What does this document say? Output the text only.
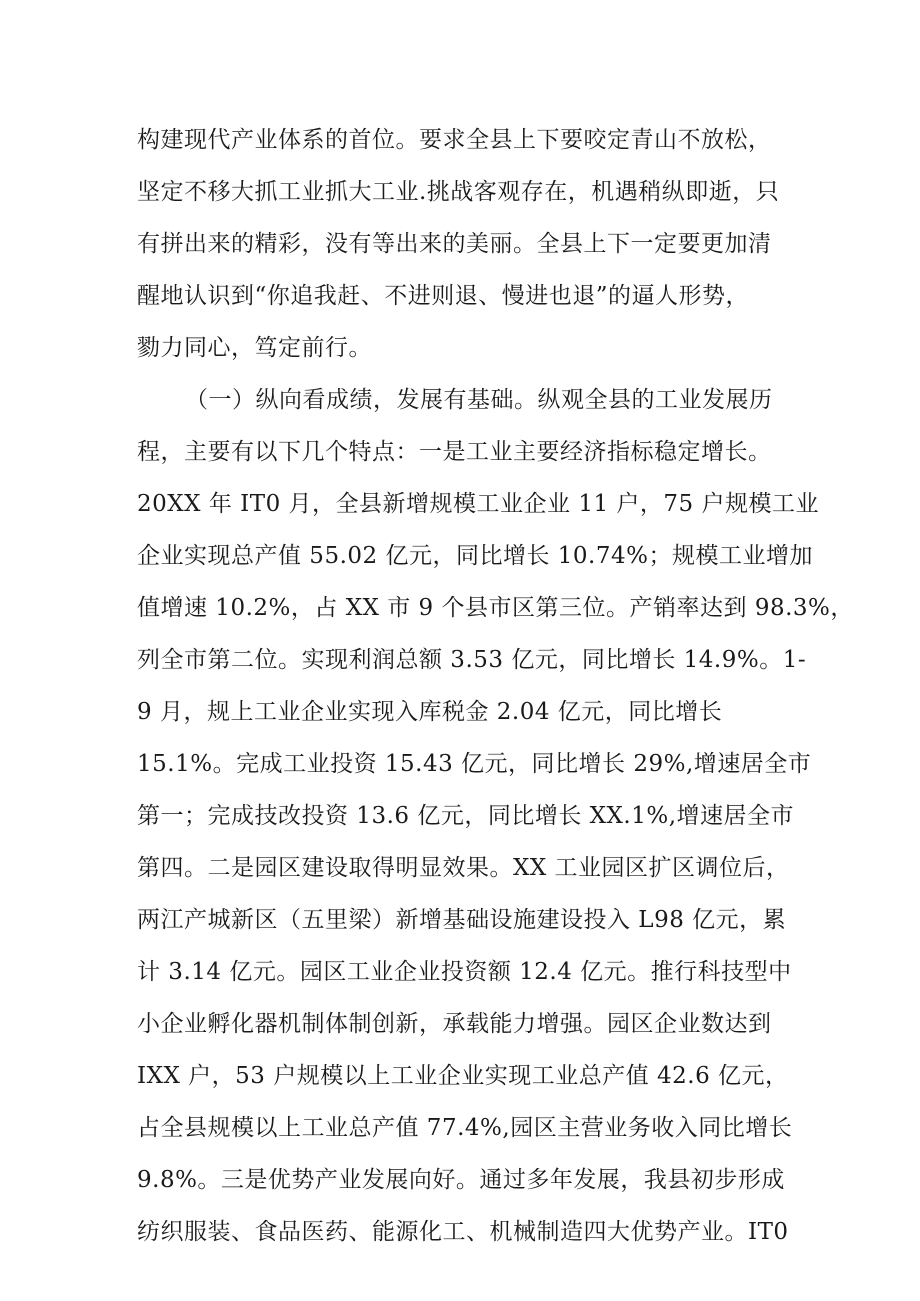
构建现代产业体系的首位。要求全县上下要咬定青山不放松，

坚定不移大抓工业抓大工业.挑战客观存在，机遇稍纵即逝，只

有拼出来的精彩，没有等出来的美丽。全县上下一定要更加清

醒地认识到“你追我赶、不进则退、慢进也退”的逼人形势，

勠力同心，笃定前行。

（一）纵向看成绩，发展有基础。纵观全县的工业发展历

程，主要有以下几个特点：一是工业主要经济指标稳定增长。

20XX 年 IT0 月，全县新增规模工业企业 11 户，75 户规模工业

企业实现总产值 55.02 亿元，同比增长 10.74%；规模工业增加

值增速 10.2%，占 XX 市 9 个县市区第三位。产销率达到 98.3%，

列全市第二位。实现利润总额 3.53 亿元，同比增长 14.9%。1-

9 月，规上工业企业实现入库税金 2.04 亿元，同比增长

15.1%。完成工业投资 15.43 亿元，同比增长 29%,增速居全市

第一；完成技改投资 13.6 亿元，同比增长 XX.1%,增速居全市

第四。二是园区建设取得明显效果。XX 工业园区扩区调位后，

两江产城新区（五里梁）新增基础设施建设投入 L98 亿元，累

计 3.14 亿元。园区工业企业投资额 12.4 亿元。推行科技型中

小企业孵化器机制体制创新，承载能力增强。园区企业数达到

IXX 户，53 户规模以上工业企业实现工业总产值 42.6 亿元，

占全县规模以上工业总产值 77.4%,园区主营业务收入同比增长

9.8%。三是优势产业发展向好。通过多年发展，我县初步形成

纺织服装、食品医药、能源化工、机械制造四大优势产业。IT0
